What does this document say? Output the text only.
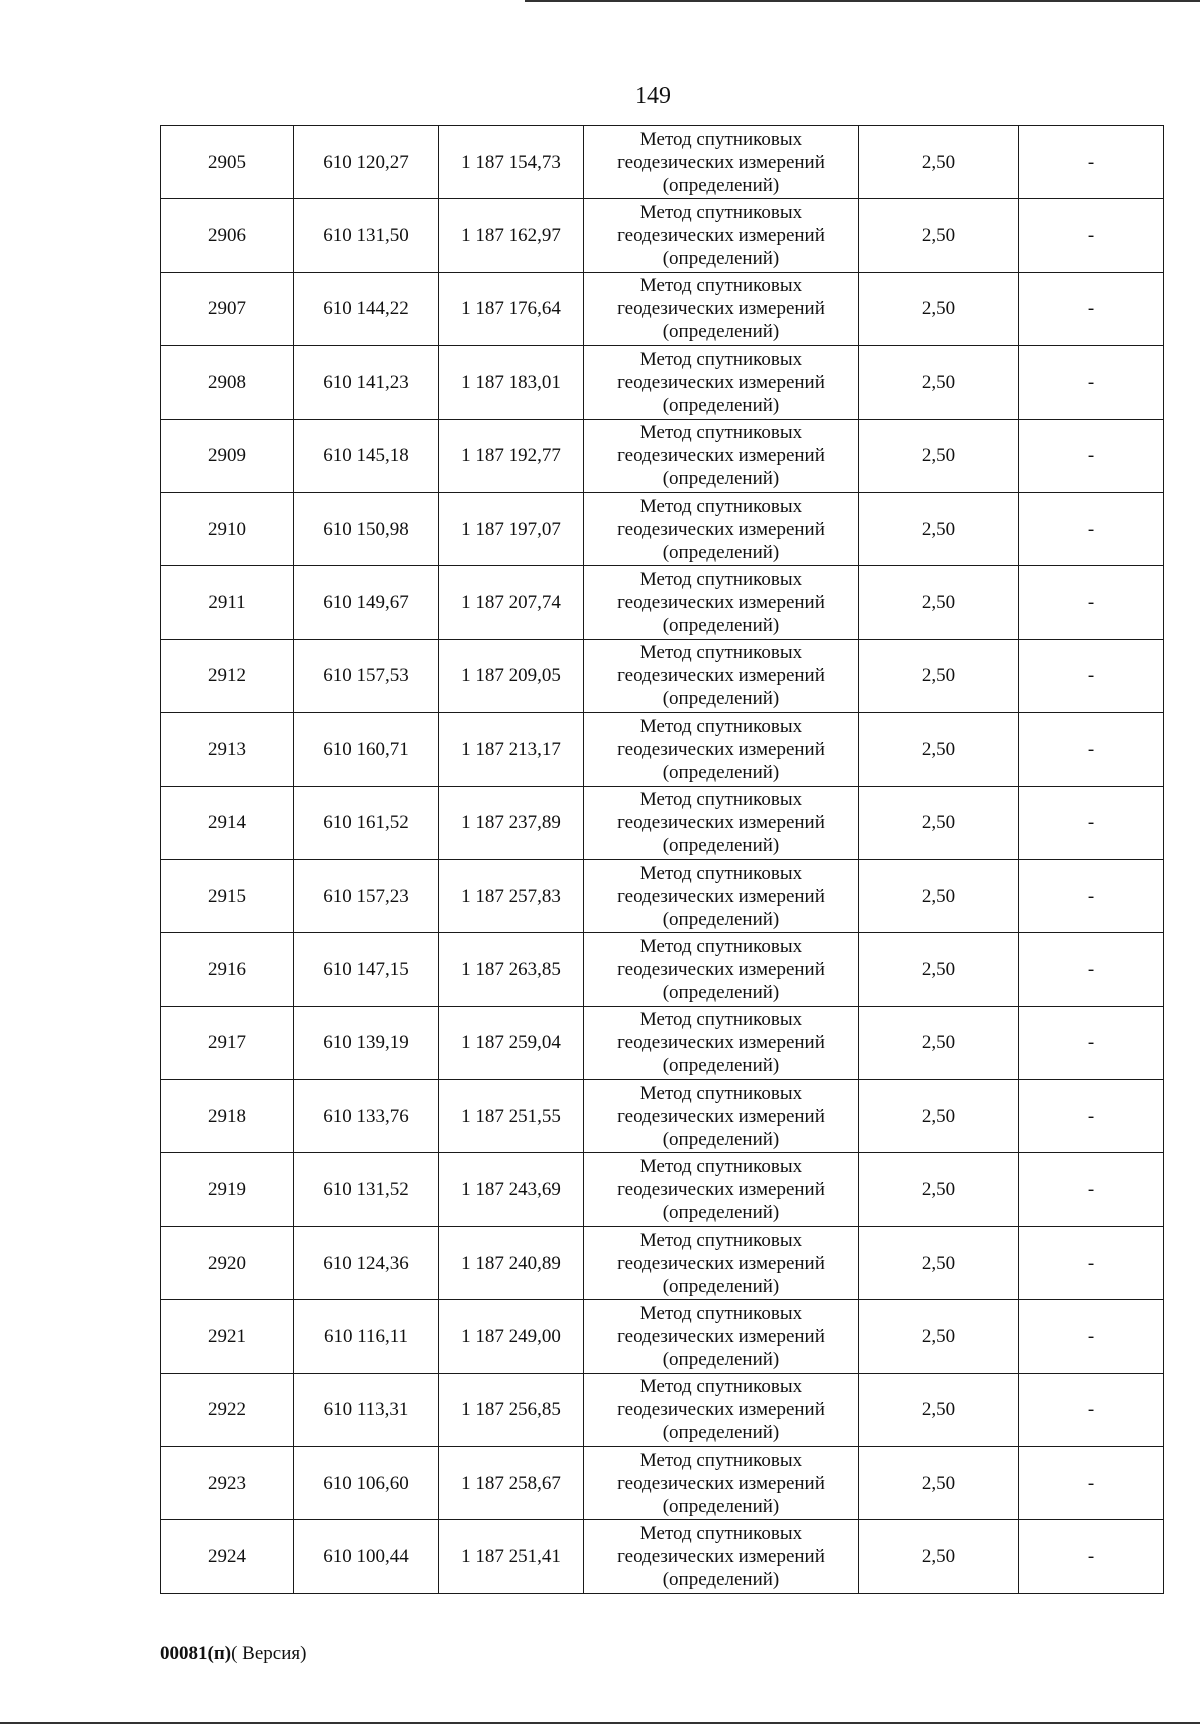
149
2905	610 120,27	1 187 154,73	Метод спутниковых
геодезических измерений
(определений)	2,50	-
2906	610 131,50	1 187 162,97	Метод спутниковых
геодезических измерений
(определений)	2,50	-
2907	610 144,22	1 187 176,64	Метод спутниковых
геодезических измерений
(определений)	2,50	-
2908	610 141,23	1 187 183,01	Метод спутниковых
геодезических измерений
(определений)	2,50	-
2909	610 145,18	1 187 192,77	Метод спутниковых
геодезических измерений
(определений)	2,50	-
2910	610 150,98	1 187 197,07	Метод спутниковых
геодезических измерений
(определений)	2,50	-
2911	610 149,67	1 187 207,74	Метод спутниковых
геодезических измерений
(определений)	2,50	-
2912	610 157,53	1 187 209,05	Метод спутниковых
геодезических измерений
(определений)	2,50	-
2913	610 160,71	1 187 213,17	Метод спутниковых
геодезических измерений
(определений)	2,50	-
2914	610 161,52	1 187 237,89	Метод спутниковых
геодезических измерений
(определений)	2,50	-
2915	610 157,23	1 187 257,83	Метод спутниковых
геодезических измерений
(определений)	2,50	-
2916	610 147,15	1 187 263,85	Метод спутниковых
геодезических измерений
(определений)	2,50	-
2917	610 139,19	1 187 259,04	Метод спутниковых
геодезических измерений
(определений)	2,50	-
2918	610 133,76	1 187 251,55	Метод спутниковых
геодезических измерений
(определений)	2,50	-
2919	610 131,52	1 187 243,69	Метод спутниковых
геодезических измерений
(определений)	2,50	-
2920	610 124,36	1 187 240,89	Метод спутниковых
геодезических измерений
(определений)	2,50	-
2921	610 116,11	1 187 249,00	Метод спутниковых
геодезических измерений
(определений)	2,50	-
2922	610 113,31	1 187 256,85	Метод спутниковых
геодезических измерений
(определений)	2,50	-
2923	610 106,60	1 187 258,67	Метод спутниковых
геодезических измерений
(определений)	2,50	-
2924	610 100,44	1 187 251,41	Метод спутниковых
геодезических измерений
(определений)	2,50	-
00081(п)( Версия)
